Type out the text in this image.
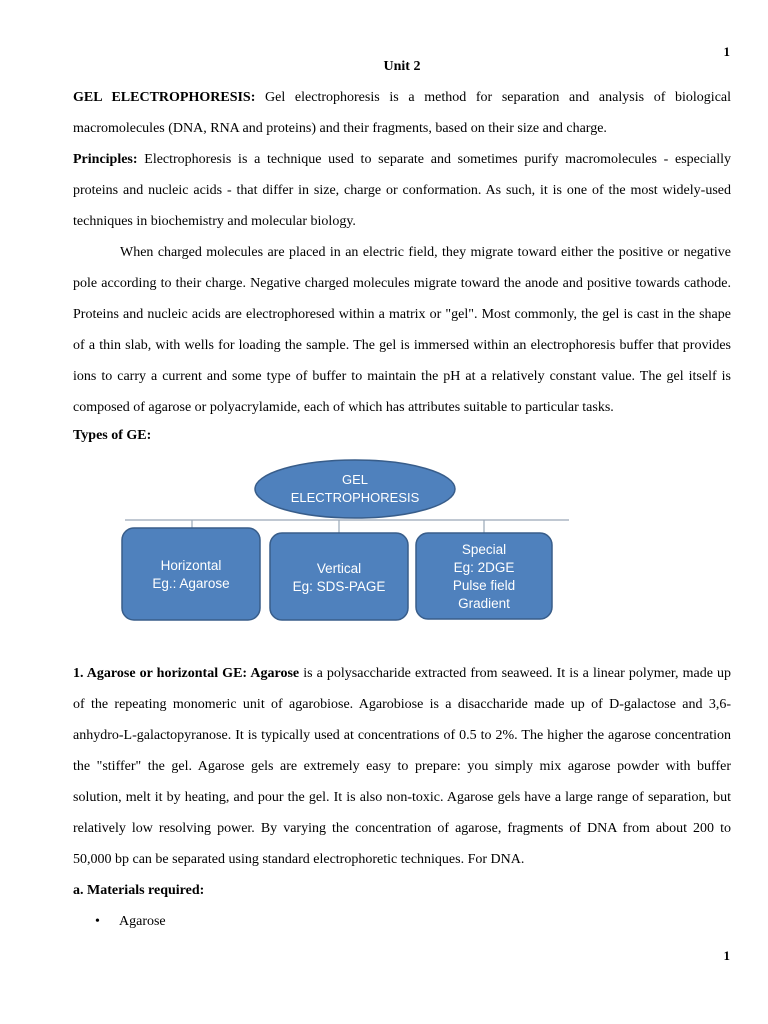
1
Unit 2

GEL ELECTROPHORESIS: Gel electrophoresis is a method for separation and analysis of biological macromolecules (DNA, RNA and proteins) and their fragments, based on their size and charge.

Principles: Electrophoresis is a technique used to separate and sometimes purify macromolecules - especially proteins and nucleic acids - that differ in size, charge or conformation. As such, it is one of the most widely-used techniques in biochemistry and molecular biology.

When charged molecules are placed in an electric field, they migrate toward either the positive or negative pole according to their charge. Negative charged molecules migrate toward the anode and positive towards cathode. Proteins and nucleic acids are electrophoresed within a matrix or "gel". Most commonly, the gel is cast in the shape of a thin slab, with wells for loading the sample. The gel is immersed within an electrophoresis buffer that provides ions to carry a current and some type of buffer to maintain the pH at a relatively constant value. The gel itself is composed of agarose or polyacrylamide, each of which has attributes suitable to particular tasks.

Types of GE:

GEL
ELECTROPHORESIS
Horizontal
Eg.: Agarose
Vertical
Eg: SDS-PAGE
Special
Eg: 2DGE
Pulse field
Gradient

1. Agarose or horizontal GE: Agarose is a polysaccharide extracted from seaweed. It is a linear polymer, made up of the repeating monomeric unit of agarobiose. Agarobiose is a disaccharide made up of D-galactose and 3,6-anhydro-L-galactopyranose. It is typically used at concentrations of 0.5 to 2%. The higher the agarose concentration the "stiffer" the gel. Agarose gels are extremely easy to prepare: you simply mix agarose powder with buffer solution, melt it by heating, and pour the gel. It is also non-toxic. Agarose gels have a large range of separation, but relatively low resolving power. By varying the concentration of agarose, fragments of DNA from about 200 to 50,000 bp can be separated using standard electrophoretic techniques. For DNA.

a. Materials required:

• Agarose
1
